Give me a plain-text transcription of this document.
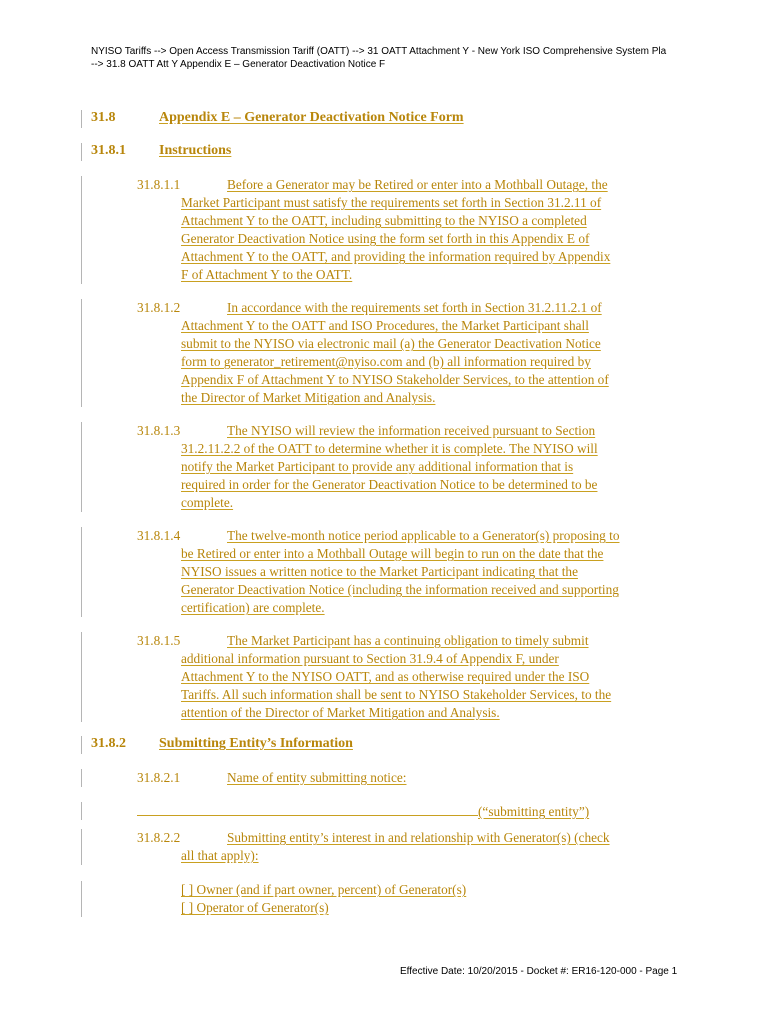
NYISO Tariffs --> Open Access Transmission Tariff (OATT) --> 31 OATT Attachment Y - New York ISO Comprehensive System Pla
--> 31.8 OATT Att Y Appendix E – Generator Deactivation Notice F
31.8	Appendix E – Generator Deactivation Notice Form
31.8.1 Instructions
31.8.1.1	Before a Generator may be Retired or enter into a Mothball Outage, the
Market Participant must satisfy the requirements set forth in Section 31.2.11 of
Attachment Y to the OATT, including submitting to the NYISO a completed
Generator Deactivation Notice using the form set forth in this Appendix E of
Attachment Y to the OATT, and providing the information required by Appendix
F of Attachment Y to the OATT.
31.8.1.2	In accordance with the requirements set forth in Section 31.2.11.2.1 of
Attachment Y to the OATT and ISO Procedures, the Market Participant shall
submit to the NYISO via electronic mail (a) the Generator Deactivation Notice
form to generator_retirement@nyiso.com and (b) all information required by
Appendix F of Attachment Y to NYISO Stakeholder Services, to the attention of
the Director of Market Mitigation and Analysis.
31.8.1.3	The NYISO will review the information received pursuant to Section
31.2.11.2.2 of the OATT to determine whether it is complete. The NYISO will
notify the Market Participant to provide any additional information that is
required in order for the Generator Deactivation Notice to be determined to be
complete.
31.8.1.4	The twelve-month notice period applicable to a Generator(s) proposing to
be Retired or enter into a Mothball Outage will begin to run on the date that the
NYISO issues a written notice to the Market Participant indicating that the
Generator Deactivation Notice (including the information received and supporting
certification) are complete.
31.8.1.5	The Market Participant has a continuing obligation to timely submit
additional information pursuant to Section 31.9.4 of Appendix F, under
Attachment Y to the NYISO OATT, and as otherwise required under the ISO
Tariffs. All such information shall be sent to NYISO Stakeholder Services, to the
attention of the Director of Market Mitigation and Analysis.
31.8.2 Submitting Entity’s Information
31.8.2.1	Name of entity submitting notice:
(“submitting entity”)
31.8.2.2	Submitting entity’s interest in and relationship with Generator(s) (check
all that apply):
[ ] Owner (and if part owner, percent) of Generator(s)
[ ] Operator of Generator(s)
Effective Date: 10/20/2015 - Docket #: ER16-120-000 - Page 1
